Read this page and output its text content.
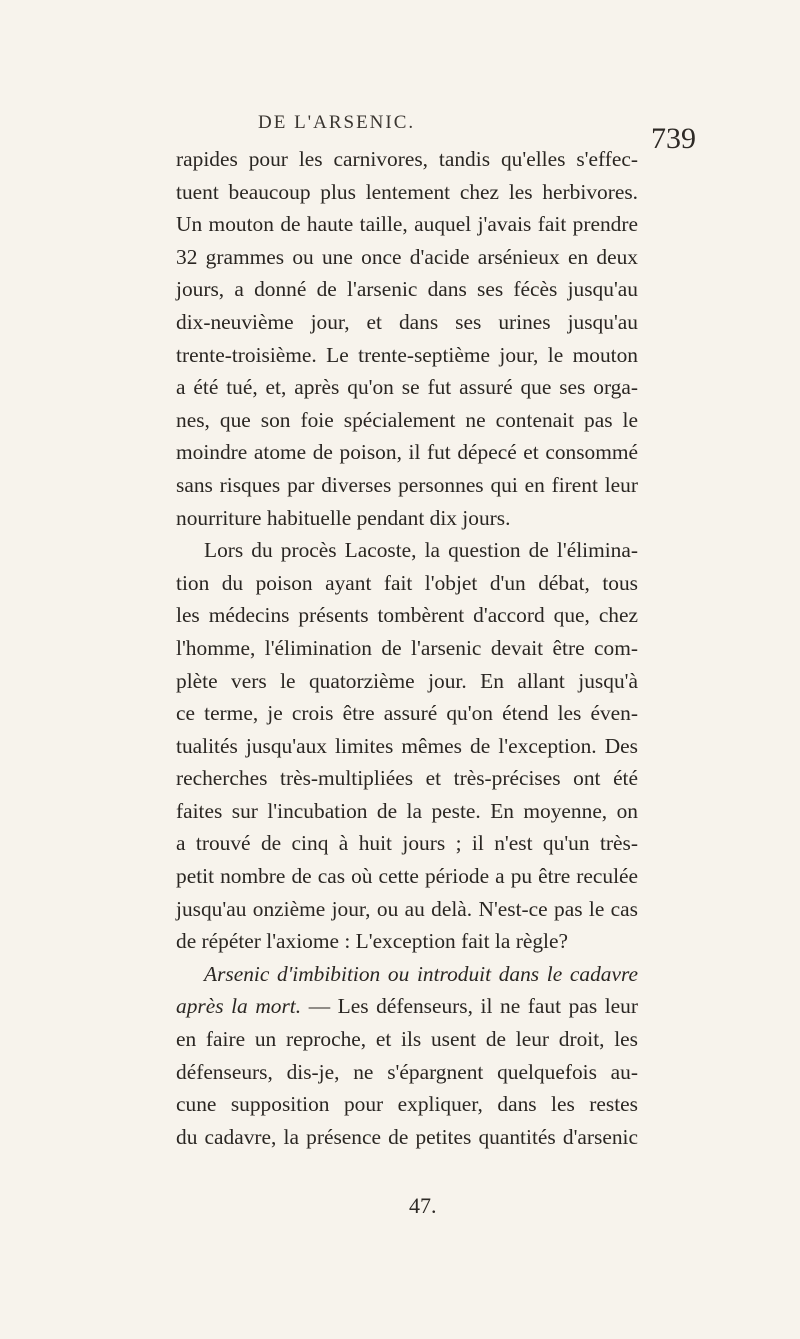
DE L'ARSENIC.	739
rapides pour les carnivores, tandis qu'elles s'effec-
tuent beaucoup plus lentement chez les herbivores.
Un mouton de haute taille, auquel j'avais fait prendre
32 grammes ou une once d'acide arsénieux en deux
jours, a donné de l'arsenic dans ses fécès jusqu'au
dix-neuvième jour, et dans ses urines jusqu'au
trente-troisième. Le trente-septième jour, le mouton
a été tué, et, après qu'on se fut assuré que ses orga-
nes, que son foie spécialement ne contenait pas le
moindre atome de poison, il fut dépecé et consommé
sans risques par diverses personnes qui en firent leur
nourriture habituelle pendant dix jours.
Lors du procès Lacoste, la question de l'élimina-
tion du poison ayant fait l'objet d'un débat, tous
les médecins présents tombèrent d'accord que, chez
l'homme, l'élimination de l'arsenic devait être com-
plète vers le quatorzième jour. En allant jusqu'à
ce terme, je crois être assuré qu'on étend les éven-
tualités jusqu'aux limites mêmes de l'exception. Des
recherches très-multipliées et très-précises ont été
faites sur l'incubation de la peste. En moyenne, on
a trouvé de cinq à huit jours ; il n'est qu'un très-
petit nombre de cas où cette période a pu être reculée
jusqu'au onzième jour, ou au delà. N'est-ce pas le cas
de répéter l'axiome : L'exception fait la règle?
Arsenic d'imbibition ou introduit dans le cadavre
après la mort. — Les défenseurs, il ne faut pas leur
en faire un reproche, et ils usent de leur droit, les
défenseurs, dis-je, ne s'épargnent quelquefois au-
cune supposition pour expliquer, dans les restes
du cadavre, la présence de petites quantités d'arsenic
47.
